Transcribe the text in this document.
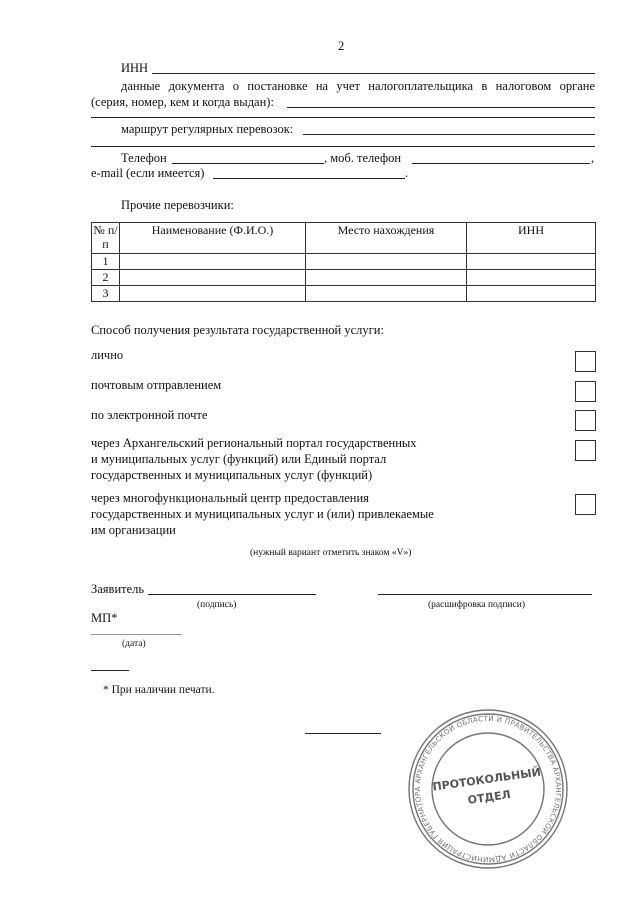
2
ИНН
данные документа о постановке на учет налогоплательщика в налоговом органе
(серия, номер, кем и когда выдан):
маршрут регулярных перевозок:
Телефон	, моб. телефон	,
e-mail (если имеется)	.
Прочие перевозчики:
№ п/п	Наименование (Ф.И.О.)	Место нахождения	ИНН
1			
2			
3			
Способ получения результата государственной услуги:
лично
почтовым отправлением
по электронной почте
через Архангельский региональный портал государственных
и муниципальных услуг (функций) или Единый портал
государственных и муниципальных услуг (функций)
через многофункциональный центр предоставления
государственных и муниципальных услуг и (или) привлекаемые
им организации
(нужный вариант отметить знаком «V»)
Заявитель
(подпись)	(расшифровка подписи)
МП*
(дата)
* При наличии печати.
АДМИНИСТРАЦИЯ ГУБЕРНАТОРА АРХАНГЕЛЬСКОЙ ОБЛАСТИ И ПРАВИТЕЛЬСТВА АРХАНГЕЛЬСКОЙ ОБЛАСТИ
ПРОТОКОЛЬНЫЙ
ОТДЕЛ
